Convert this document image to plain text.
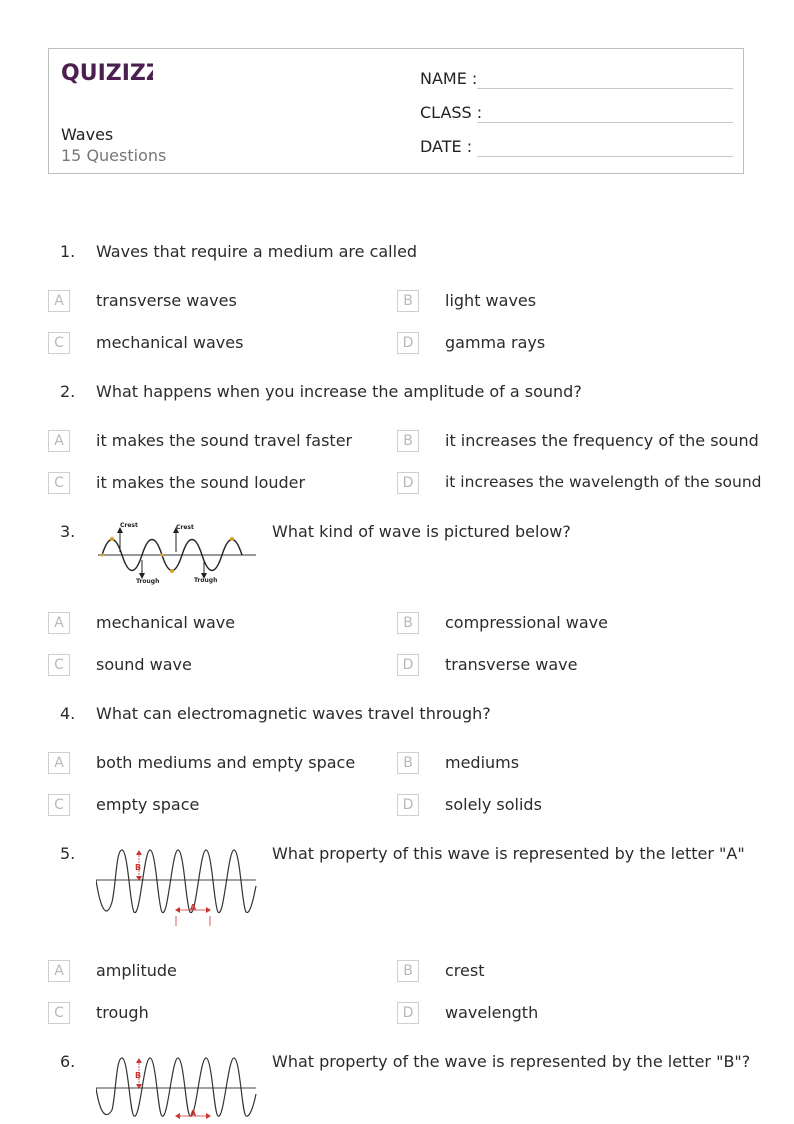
QUIZIZZ
Waves
15 Questions
NAME :
CLASS :
DATE :
1. Waves that require a medium are called
A	transverse waves	B	light waves
C	mechanical waves	D	gamma rays
2. What happens when you increase the amplitude of a sound?
A	it makes the sound travel faster	B	it increases the frequency of the sound
C	it makes the sound louder	D	it increases the wavelength of the sound
3.	Crest	Crest
Trough	Trough
What kind of wave is pictured below?
A	mechanical wave	B	compressional wave
C	sound wave	D	transverse wave
4. What can electromagnetic waves travel through?
A	both mediums and empty space	B	mediums
C	empty space	D	solely solids
5.
B
A
What property of this wave is represented by the letter "A"
A	amplitude	B	crest
C	trough	D	wavelength
6.
B
A
What property of the wave is represented by the letter "B"?
